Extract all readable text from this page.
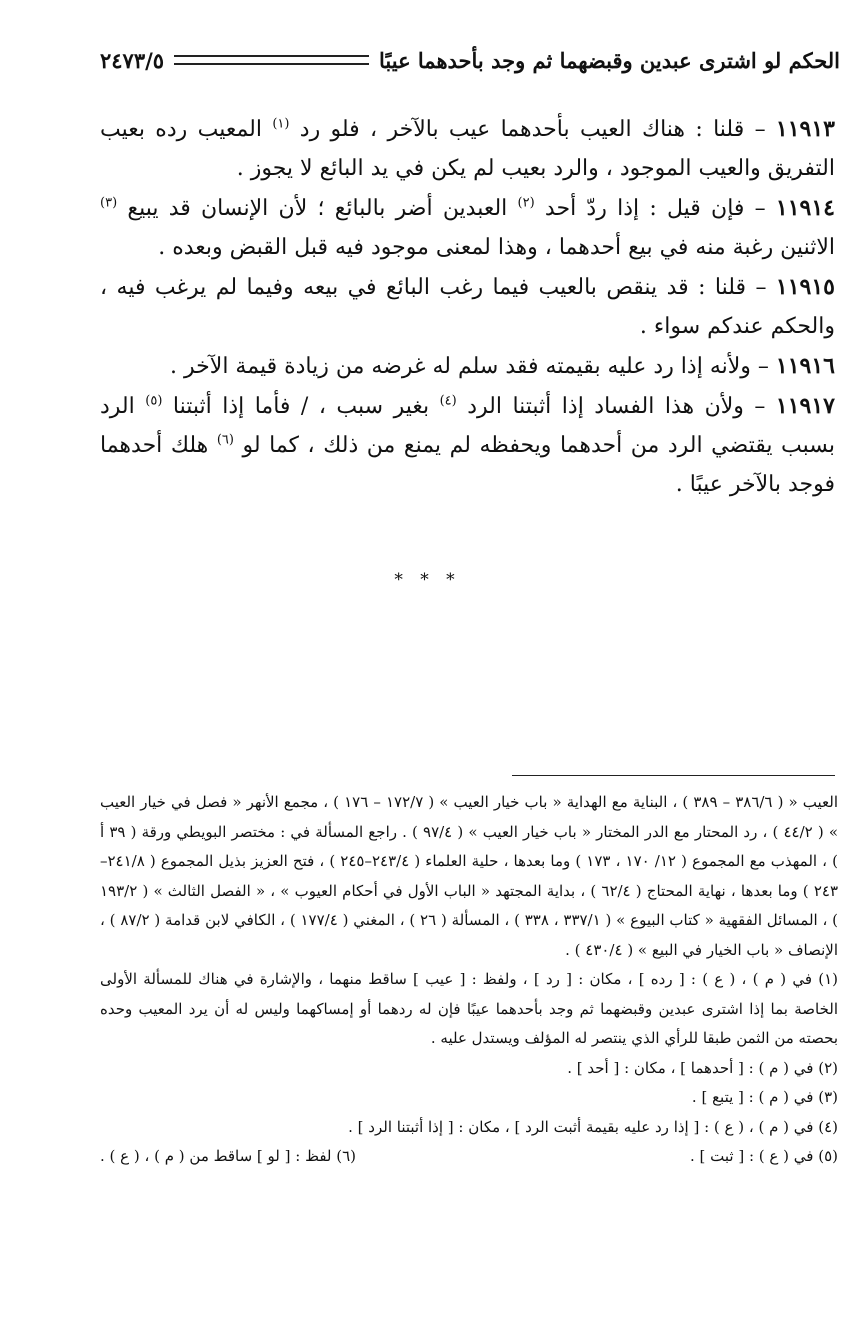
الحكم لو اشترى عبدين وقبضهما ثم وجد بأحدهما عيبًا
٢٤٧٣/٥

١١٩١٣ – قلنا : هناك العيب بأحدهما عيب بالآخر ، فلو رد $^{(١)}$ المعيب رده بعيب التفريق والعيب الموجود ، والرد بعيب لم يكن في يد البائع لا يجوز .

١١٩١٤ – فإن قيل : إذا ردّ أحد $^{(٢)}$ العبدين أضر بالبائع ؛ لأن الإنسان قد يبيع $^{(٣)}$ الاثنين رغبة منه في بيع أحدهما ، وهذا لمعنى موجود فيه قبل القبض وبعده .

١١٩١٥ – قلنا : قد ينقص بالعيب فيما رغب البائع في بيعه وفيما لم يرغب فيه ، والحكم عندكم سواء .

١١٩١٦ – ولأنه إذا رد عليه بقيمته فقد سلم له غرضه من زيادة قيمة الآخر .

١١٩١٧ – ولأن هذا الفساد إذا أثبتنا الرد $^{(٤)}$ بغير سبب ، / فأما إذا أثبتنا $^{(٥)}$ الرد بسبب يقتضي الرد من أحدهما ويحفظه لم يمنع من ذلك ، كما لو $^{(٦)}$ هلك أحدهما فوجد بالآخر عيبًا .

* * *

العيب « ( ٣٨٦/٦ – ٣٨٩ ) ، البناية مع الهداية « باب خيار العيب » ( ١٧٢/٧ – ١٧٦ ) ، مجمع الأنهر « فصل في خيار العيب » ( ٤٤/٢ ) ، رد المحتار مع الدر المختار « باب خيار العيب » ( ٩٧/٤ ) . راجع المسألة في : مختصر البويطي ورقة ( ٣٩ أ ) ، المهذب مع المجموع ( ١٢/ ١٧٠ ، ١٧٣ ) وما بعدها ، حلية العلماء ( ٢٤٣/٤–٢٤٥ ) ، فتح العزيز بذيل المجموع ( ٢٤١/٨–٢٤٣ ) وما بعدها ، نهاية المحتاج ( ٦٢/٤ ) ، بداية المجتهد « الباب الأول في أحكام العيوب » ، « الفصل الثالث » ( ١٩٣/٢ ) ، المسائل الفقهية « كتاب البيوع » ( ٣٣٧/١ ، ٣٣٨ ) ، المسألة ( ٢٦ ) ، المغني ( ١٧٧/٤ ) ، الكافي لابن قدامة ( ٨٧/٢ ) ، الإنصاف « باب الخيار في البيع » ( ٤٣٠/٤ ) .

(١) في ( م ) ، ( ع ) : [ رده ] ، مكان : [ رد ] ، ولفظ : [ عيب ] ساقط منهما ، والإشارة في هناك للمسألة الأولى الخاصة بما إذا اشترى عبدين وقبضهما ثم وجد بأحدهما عيبًا فإن له ردهما أو إمساكهما وليس له أن يرد المعيب وحده بحصته من الثمن طبقا للرأي الذي ينتصر له المؤلف ويستدل عليه .

(٢) في ( م ) : [ أحدهما ] ، مكان : [ أحد ] .

(٣) في ( م ) : [ يتبع ] .

(٤) في ( م ) ، ( ع ) : [ إذا رد عليه بقيمة أثبت الرد ] ، مكان : [ إذا أثبتنا الرد ] .

(٥) في ( ع ) : [ ثبت ] .
(٦) لفظ : [ لو ] ساقط من ( م ) ، ( ع ) .
